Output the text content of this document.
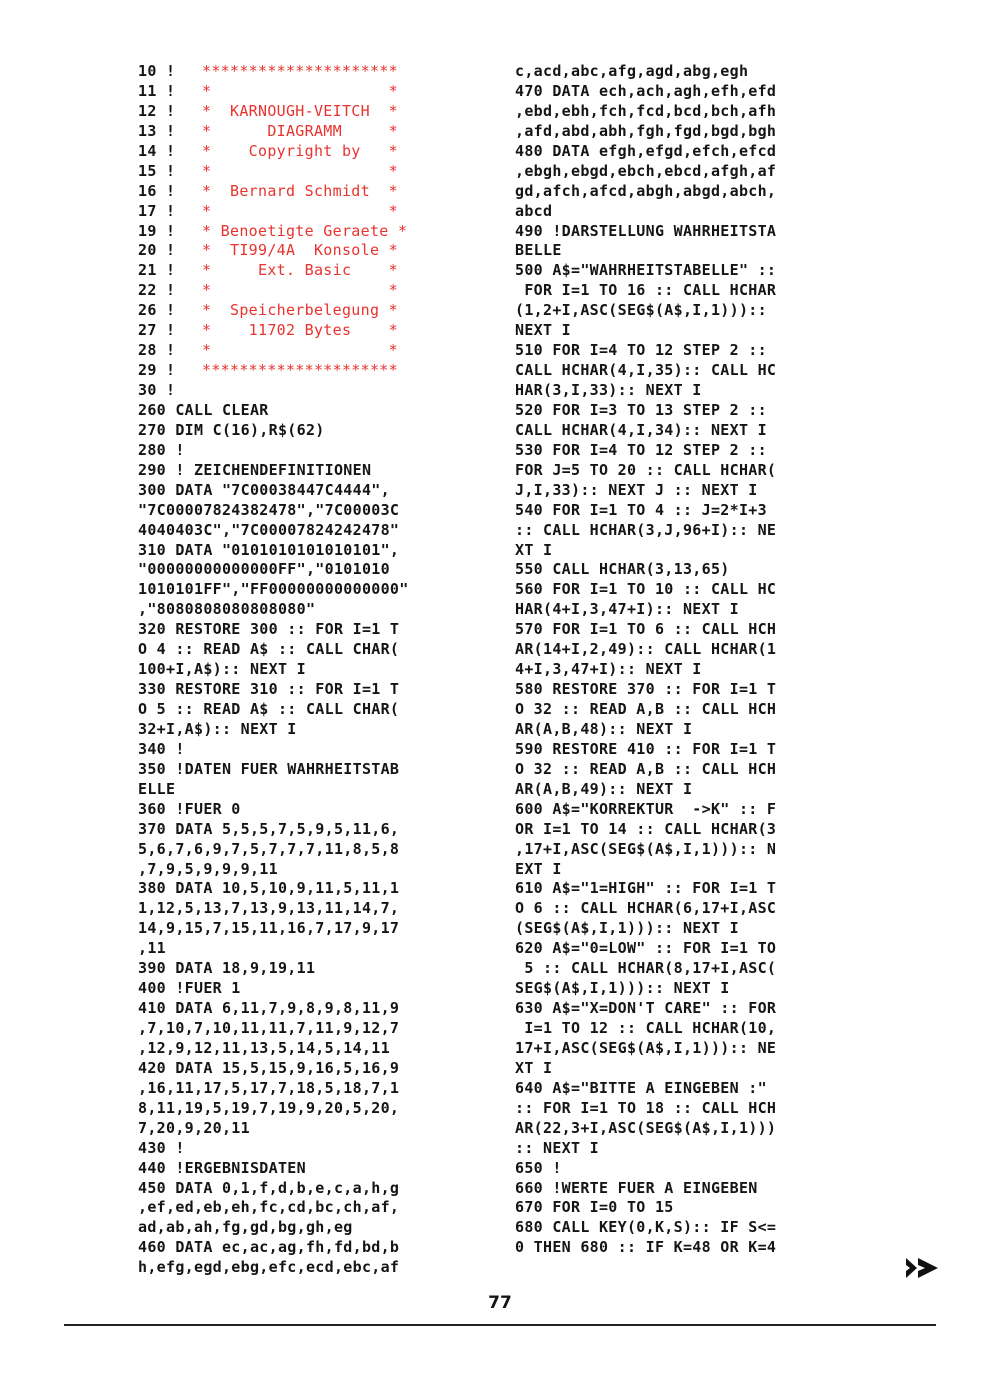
10 ! *********************
11 ! *                   *
12 ! *  KARNOUGH-VEITCH  *
13 ! *      DIAGRAMM     *
14 ! *    Copyright by   *
15 ! *                   *
16 ! *  Bernard Schmidt  *
17 ! *                   *
19 ! * Benoetigte Geraete *
20 ! *  TI99/4A  Konsole *
21 ! *     Ext. Basic    *
22 ! *                   *
26 ! *  Speicherbelegung *
27 ! *    11702 Bytes    *
28 ! *                   *
29 ! *********************
30 !
260 CALL CLEAR
270 DIM C(16),R$(62)
280 !
290 ! ZEICHENDEFINITIONEN
300 DATA "7C00038447C4444",
"7C00007824382478","7C00003C
4040403C","7C00007824242478"
310 DATA "0101010101010101",
"00000000000000FF","0101010
1010101FF","FF00000000000000"
,"8080808080808080"
320 RESTORE 300 :: FOR I=1 T
O 4 :: READ A$ :: CALL CHAR(
100+I,A$):: NEXT I
330 RESTORE 310 :: FOR I=1 T
O 5 :: READ A$ :: CALL CHAR(
32+I,A$):: NEXT I
340 !
350 !DATEN FUER WAHRHEITSTAB
ELLE
360 !FUER 0
370 DATA 5,5,5,7,5,9,5,11,6,
5,6,7,6,9,7,5,7,7,7,11,8,5,8
,7,9,5,9,9,9,11
380 DATA 10,5,10,9,11,5,11,1
1,12,5,13,7,13,9,13,11,14,7,
14,9,15,7,15,11,16,7,17,9,17
,11
390 DATA 18,9,19,11
400 !FUER 1
410 DATA 6,11,7,9,8,9,8,11,9
,7,10,7,10,11,11,7,11,9,12,7
,12,9,12,11,13,5,14,5,14,11
420 DATA 15,5,15,9,16,5,16,9
,16,11,17,5,17,7,18,5,18,7,1
8,11,19,5,19,7,19,9,20,5,20,
7,20,9,20,11
430 !
440 !ERGEBNISDATEN
450 DATA 0,1,f,d,b,e,c,a,h,g
,ef,ed,eb,eh,fc,cd,bc,ch,af,
ad,ab,ah,fg,gd,bg,gh,eg
460 DATA ec,ac,ag,fh,fd,bd,b
h,efg,egd,ebg,efc,ecd,ebc,af
c,acd,abc,afg,agd,abg,egh
470 DATA ech,ach,agh,efh,efd
,ebd,ebh,fch,fcd,bcd,bch,afh
,afd,abd,abh,fgh,fgd,bgd,bgh
480 DATA efgh,efgd,efch,efcd
,ebgh,ebgd,ebch,ebcd,afgh,af
gd,afch,afcd,abgh,abgd,abch,
abcd
490 !DARSTELLUNG WAHRHEITSTA
BELLE
500 A$="WAHRHEITSTABELLE" ::
FOR I=1 TO 16 :: CALL HCHAR
(1,2+I,ASC(SEG$(A$,I,1)))::
NEXT I
510 FOR I=4 TO 12 STEP 2 ::
CALL HCHAR(4,I,35):: CALL HC
HAR(3,I,33):: NEXT I
520 FOR I=3 TO 13 STEP 2 ::
CALL HCHAR(4,I,34):: NEXT I
530 FOR I=4 TO 12 STEP 2 ::
FOR J=5 TO 20 :: CALL HCHAR(
J,I,33):: NEXT J :: NEXT I
540 FOR I=1 TO 4 :: J=2*I+3
:: CALL HCHAR(3,J,96+I):: NE
XT I
550 CALL HCHAR(3,13,65)
560 FOR I=1 TO 10 :: CALL HC
HAR(4+I,3,47+I):: NEXT I
570 FOR I=1 TO 6 :: CALL HCH
AR(14+I,2,49):: CALL HCHAR(1
4+I,3,47+I):: NEXT I
580 RESTORE 370 :: FOR I=1 T
O 32 :: READ A,B :: CALL HCH
AR(A,B,48):: NEXT I
590 RESTORE 410 :: FOR I=1 T
O 32 :: READ A,B :: CALL HCH
AR(A,B,49):: NEXT I
600 A$="KORREKTUR  ->K" :: F
OR I=1 TO 14 :: CALL HCHAR(3
,17+I,ASC(SEG$(A$,I,1))):: N
EXT I
610 A$="1=HIGH" :: FOR I=1 T
O 6 :: CALL HCHAR(6,17+I,ASC
(SEG$(A$,I,1))):: NEXT I
620 A$="0=LOW" :: FOR I=1 TO
5 :: CALL HCHAR(8,17+I,ASC(
SEG$(A$,I,1))):: NEXT I
630 A$="X=DON'T CARE" :: FOR
I=1 TO 12 :: CALL HCHAR(10,
17+I,ASC(SEG$(A$,I,1))):: NE
XT I
640 A$="BITTE A EINGEBEN :"
:: FOR I=1 TO 18 :: CALL HCH
AR(22,3+I,ASC(SEG$(A$,I,1)))
:: NEXT I
650 !
660 !WERTE FUER A EINGEBEN
670 FOR I=0 TO 15
680 CALL KEY(0,K,S):: IF S<=
0 THEN 680 :: IF K=48 OR K=4
77
